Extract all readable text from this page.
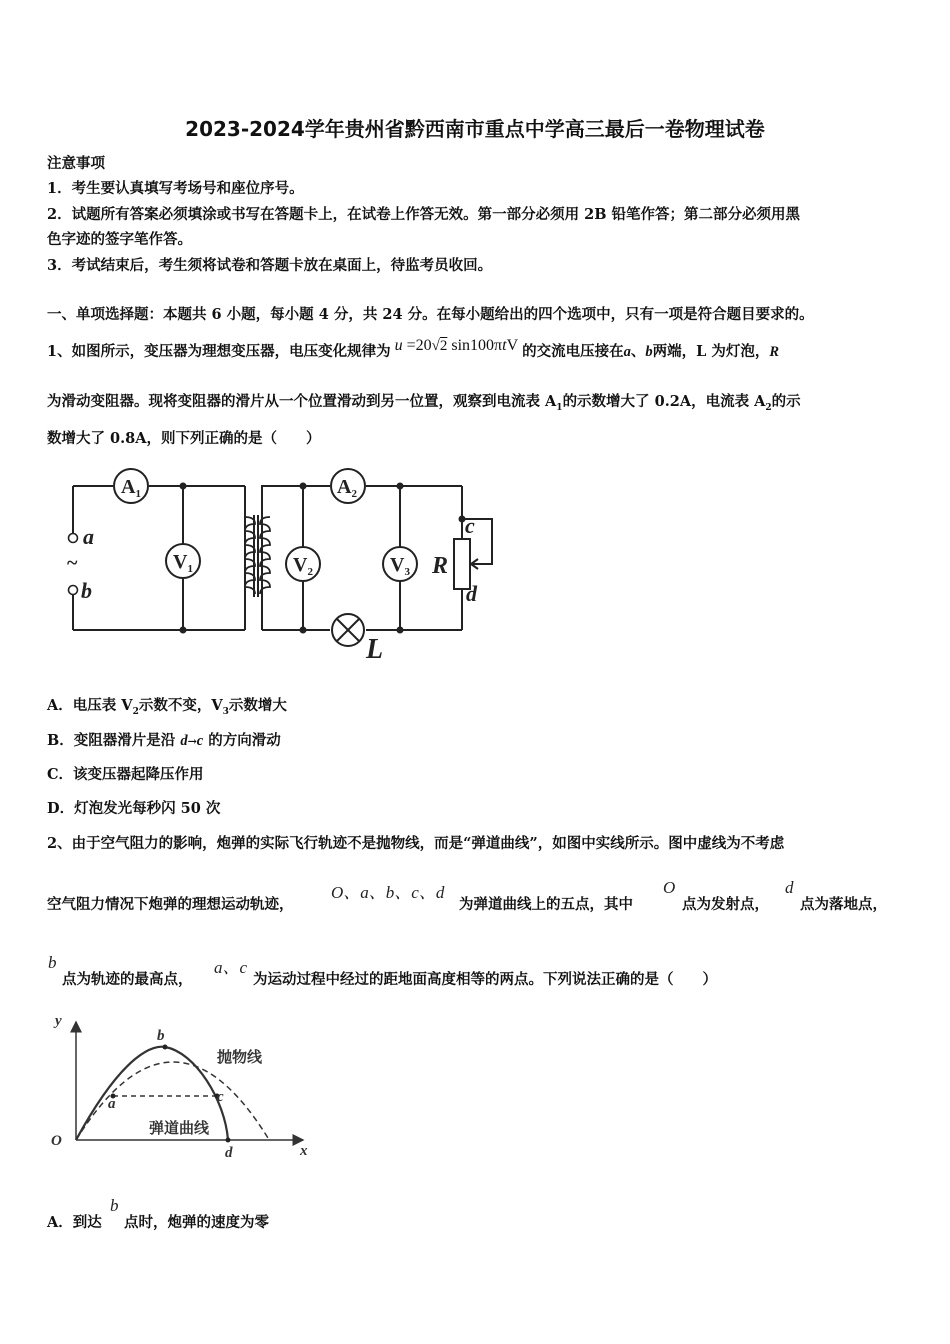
2023-2024学年贵州省黔西南市重点中学高三最后一卷物理试卷
注意事项
1．考生要认真填写考场号和座位序号。
2．试题所有答案必须填涂或书写在答题卡上，在试卷上作答无效。第一部分必须用 2B 铅笔作答；第二部分必须用黑
色字迹的签字笔作答。
3．考试结束后，考生须将试卷和答题卡放在桌面上，待监考员收回。
一、单项选择题：本题共 6 小题，每小题 4 分，共 24 分。在每小题给出的四个选项中，只有一项是符合题目要求的。
1、如图所示，变压器为理想变压器，电压变化规律为 u =20√2 sin100πtV 的交流电压接在a、b两端，L 为灯泡，R
为滑动变阻器。现将变阻器的滑片从一个位置滑动到另一位置，观察到电流表 $A_1$的示数增大了 0.2A，电流表 $A_2$的示
数增大了 0.8A，则下列正确的是（　　）
$A_1$	$A_2$
$V_1$	$V_2$	$V_3$
a
~
b
R
c
d
L
A．电压表 $V_2$示数不变，$V_3$示数增大
B．变阻器滑片是沿 d→c 的方向滑动
C．该变压器起降压作用
D．灯泡发光每秒闪 50 次
2、由于空气阻力的影响，炮弹的实际飞行轨迹不是抛物线，而是“弹道曲线”，如图中实线所示。图中虚线为不考虑
空气阻力情况下炮弹的理想运动轨迹，
O、a、b、c、d
为弹道曲线上的五点，其中
O
点为发射点，
d
点为落地点，
b
点为轨迹的最高点，
a、c
为运动过程中经过的距地面高度相等的两点。下列说法正确的是（　　）
y
x
O
a
b
c
d
抛物线
弹道曲线
A．到达
b
点时，炮弹的速度为零
